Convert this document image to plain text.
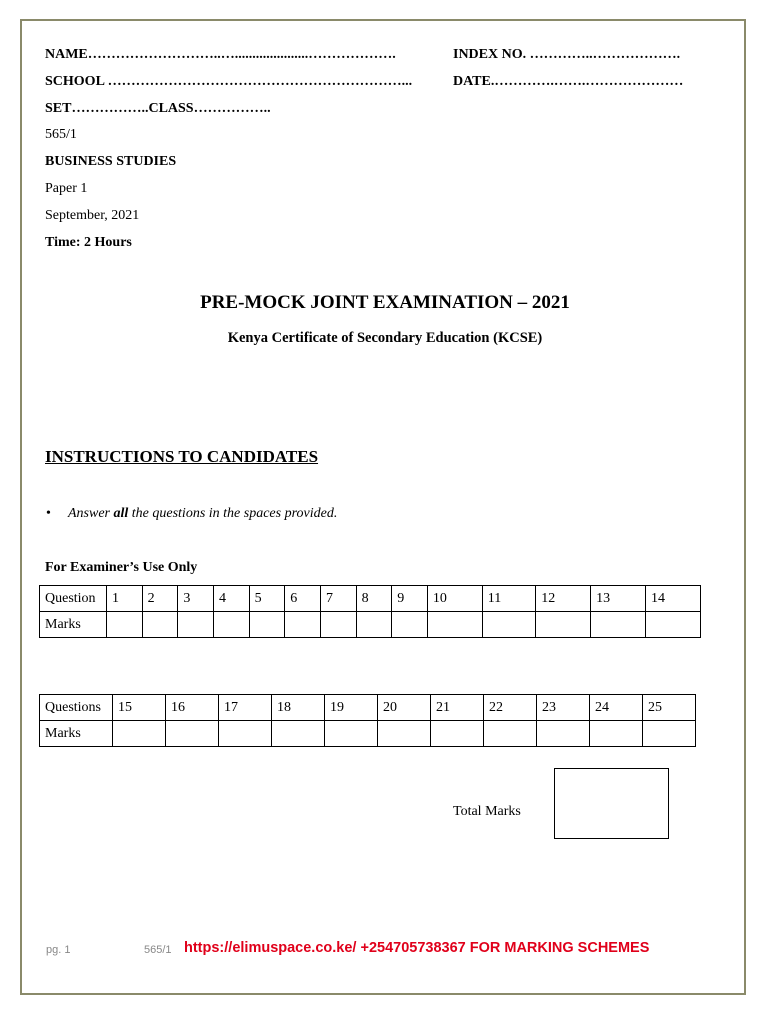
NAME………………………..….....................……………….	INDEX NO. …………..……………….
SCHOOL ………………………………………………………...	DATE.………….…….…………………
SET……………..CLASS……………..
565/1
BUSINESS STUDIES
Paper 1
September, 2021
Time: 2 Hours
PRE-MOCK JOINT EXAMINATION – 2021
Kenya Certificate of Secondary Education (KCSE)
INSTRUCTIONS TO CANDIDATES
• Answer all the questions in the spaces provided.
For Examiner’s Use Only
Question	1	2	3	4	5	6	7	8	9	10	11	12	13	14
Marks														
Questions	15	16	17	18	19	20	21	22	23	24	25
Marks											
Total Marks
pg. 1	565/1 https://elimuspace.co.ke/ +254705738367 FOR MARKING SCHEMES
